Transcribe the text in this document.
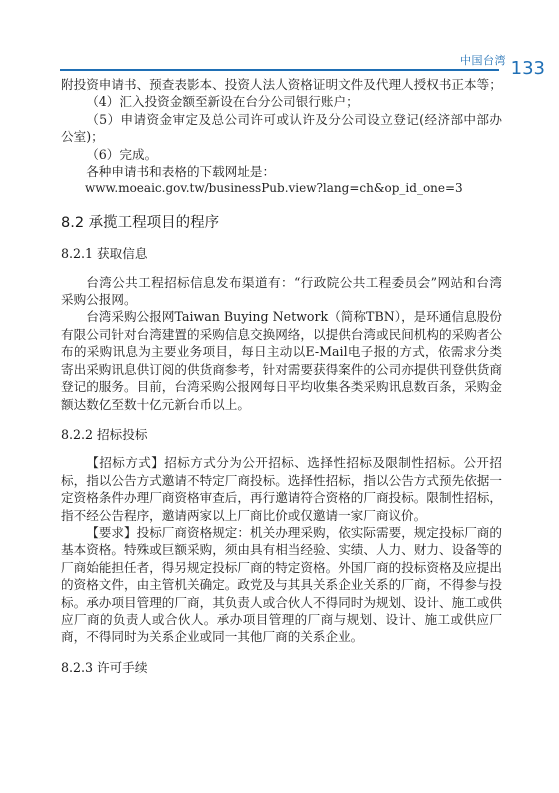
中国台湾 133

附投资申请书、预查表影本、投资人法人资格证明文件及代理人授权书正本等；

（4）汇入投资金额至新设在台分公司银行账户；

（5）申请资金审定及总公司许可或认许及分公司设立登记(经济部中部办公室)；

（6）完成。

各种申请书和表格的下载网址是：

www.moeaic.gov.tw/businessPub.view?lang=ch&op_id_one=3

8.2 承揽工程项目的程序
8.2.1 获取信息

台湾公共工程招标信息发布渠道有：“行政院公共工程委员会”网站和台湾采购公报网。

台湾采购公报网Taiwan Buying Network（简称TBN），是环通信息股份有限公司针对台湾建置的采购信息交换网络，以提供台湾或民间机构的采购者公布的采购讯息为主要业务项目，每日主动以E-Mail电子报的方式，依需求分类寄出采购讯息供订阅的供货商参考，针对需要获得案件的公司亦提供刊登供货商登记的服务。目前，台湾采购公报网每日平均收集各类采购讯息数百条，采购金额达数亿至数十亿元新台币以上。

8.2.2 招标投标

【招标方式】招标方式分为公开招标、选择性招标及限制性招标。公开招标，指以公告方式邀请不特定厂商投标。选择性招标，指以公告方式预先依据一定资格条件办理厂商资格审查后，再行邀请符合资格的厂商投标。限制性招标，指不经公告程序，邀请两家以上厂商比价或仅邀请一家厂商议价。

【要求】投标厂商资格规定：机关办理采购，依实际需要，规定投标厂商的基本资格。特殊或巨额采购，须由具有相当经验、实绩、人力、财力、设备等的厂商始能担任者，得另规定投标厂商的特定资格。外国厂商的投标资格及应提出的资格文件，由主管机关确定。政党及与其具关系企业关系的厂商，不得参与投标。承办项目管理的厂商，其负责人或合伙人不得同时为规划、设计、施工或供应厂商的负责人或合伙人。承办项目管理的厂商与规划、设计、施工或供应厂商，不得同时为关系企业或同一其他厂商的关系企业。

8.2.3 许可手续
